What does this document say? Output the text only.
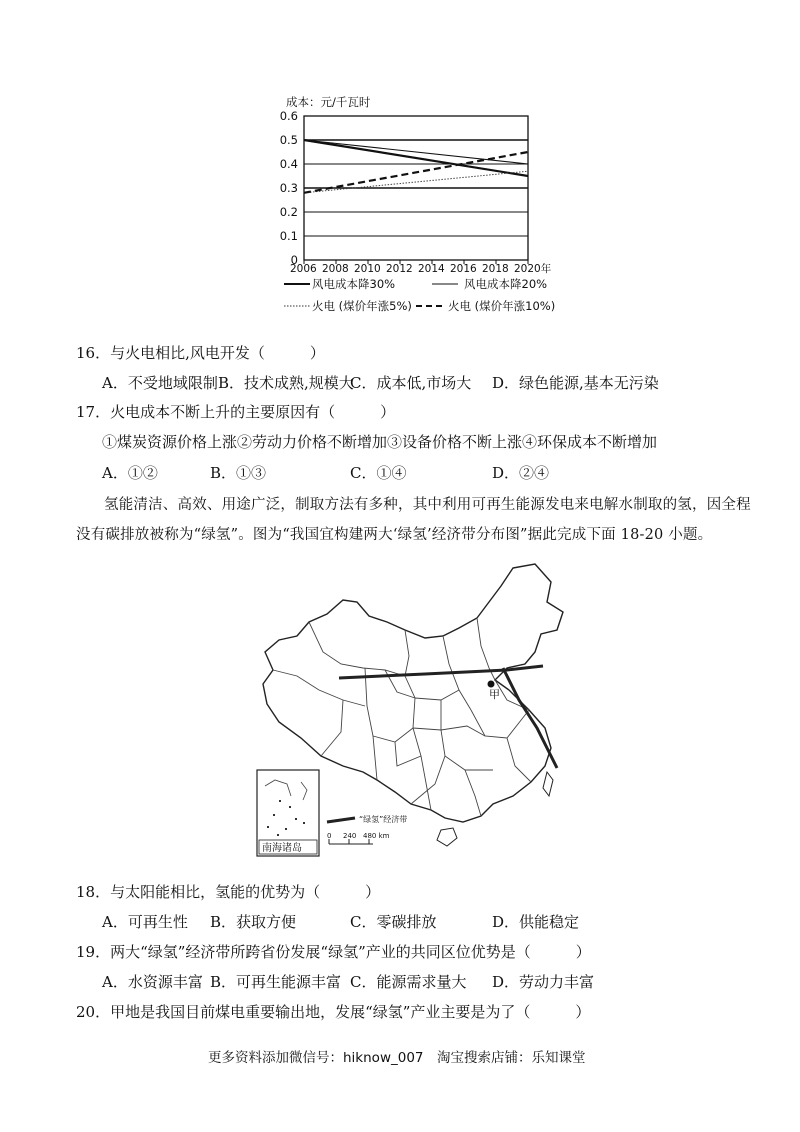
成本：元/千瓦时
0
0.1
0.2
0.3
0.4
0.5
0.6
2006 2008 2010 2012 2014 2016 2018 2020年
风电成本降30%	风电成本降20%
火电 (煤价年涨5%)	火电 (煤价年涨10%)
16．与火电相比,风电开发（　　　）
A．不受地域限制 B．技术成熟,规模大
C．成本低,市场大 D．绿色能源,基本无污染
17．火电成本不断上升的主要原因有（　　　）
①煤炭资源价格上涨②劳动力价格不断增加③设备价格不断上涨④环保成本不断增加
A．①②	B．①③	C．①④	D．②④
氢能清洁、高效、用途广泛，制取方法有多种，其中利用可再生能源发电来电解水制取的氢，因全程
没有碳排放被称为“绿氢”。图为“我国宜构建两大‘绿氢’经济带分布图”据此完成下面 18-20 小题。
甲
南海诸岛
“绿氢”经济带
0 240 480 km
18．与太阳能相比，氢能的优势为（　　　）
A．可再生性 B．获取方便	C．零碳排放	D．供能稳定
19．两大“绿氢”经济带所跨省份发展“绿氢”产业的共同区位优势是（　　　）
A．水资源丰富 B．可再生能源丰富 C．能源需求量大 D．劳动力丰富
20．甲地是我国目前煤电重要输出地，发展“绿氢”产业主要是为了（　　　）
更多资料添加微信号：hiknow_007　淘宝搜索店铺：乐知课堂
